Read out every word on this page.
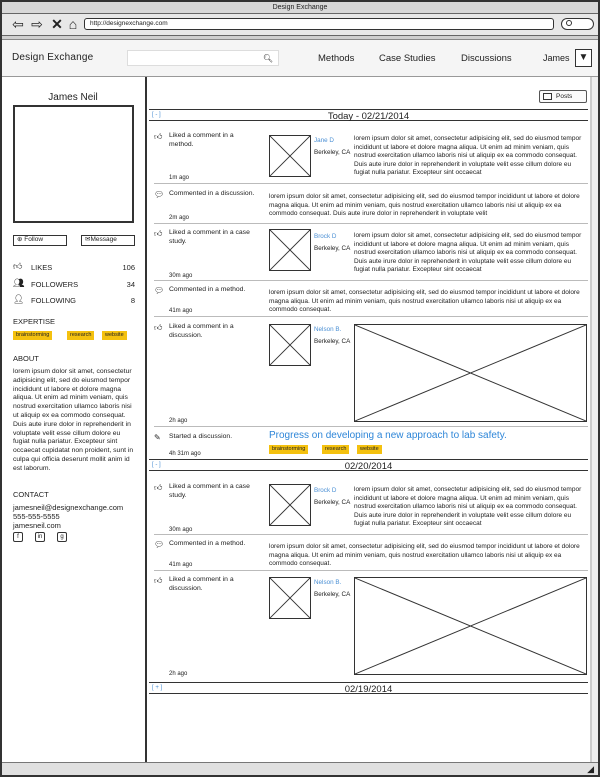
Design Exchange
⇦ ⇨ ✕ ⌂	http://designexchange.com
Design Exchange	🔍︎	Methods	Case Studies	Discussions	James ▼
James Neil
⊕ Follow	✉Message
👍︎	LIKES	106
👥︎ FOLLOWERS	34
👤︎ FOLLOWING	8
EXPERTISE
brainstorming	research	website
ABOUT
lorem ipsum dolor sit amet, consectetur adipisicing elit, sed do eiusmod tempor incididunt ut labore et dolore magna aliqua. Ut enim ad minim veniam, quis nostrud exercitation ullamco laboris nisi ut aliquip ex ea commodo consequat. Duis aute irure dolor in reprehenderit in voluptate velit esse cillum dolore eu fugiat nulla pariatur. Excepteur sint occaecat cupidatat non proident, sunt in culpa qui officia deserunt mollit anim id est laborum.
CONTACT
jamesneil@designexchange.com
555-555-5555
jamesneil.com
f	in	g
Posts
[ - ]	Today - 02/21/2014
👍︎ Liked a comment in a method.
1m ago
Jane D
Berkeley, CA
lorem ipsum dolor sit amet, consectetur adipisicing elit, sed do eiusmod tempor incididunt ut labore et dolore magna aliqua. Ut enim ad minim veniam, quis nostrud exercitation ullamco laboris nisi ut aliquip ex ea commodo consequat. Duis aute irure dolor in reprehenderit in voluptate velit esse cillum dolore eu fugiat nulla pariatur. Excepteur sint occaecat
💬︎ Commented in a discussion.
2m ago
lorem ipsum dolor sit amet, consectetur adipisicing elit, sed do eiusmod tempor incididunt ut labore et dolore magna aliqua. Ut enim ad minim veniam, quis nostrud exercitation ullamco laboris nisi ut aliquip ex ea commodo consequat. Duis aute irure dolor in reprehenderit in voluptate velit
👍︎ Liked a comment in a case study.
30m ago
Brock D
Berkeley, CA
lorem ipsum dolor sit amet, consectetur adipisicing elit, sed do eiusmod tempor incididunt ut labore et dolore magna aliqua. Ut enim ad minim veniam, quis nostrud exercitation ullamco laboris nisi ut aliquip ex ea commodo consequat. Duis aute irure dolor in reprehenderit in voluptate velit esse cillum dolore eu fugiat nulla pariatur. Excepteur sint occaecat
💬︎ Commented in a method.
41m ago
lorem ipsum dolor sit amet, consectetur adipisicing elit, sed do eiusmod tempor incididunt ut labore et dolore magna aliqua. Ut enim ad minim veniam, quis nostrud exercitation ullamco laboris nisi ut aliquip ex ea commodo consequat.
👍︎ Liked a comment in a discussion.
2h ago
Nelson B.
Berkeley, CA
✎	Started a discussion.
4h 31m ago
Progress on developing a new approach to lab safety.
brainstorming	research	website
[ - ]	02/20/2014
👍︎ Liked a comment in a case study.
30m ago
Brock D
Berkeley, CA
lorem ipsum dolor sit amet, consectetur adipisicing elit, sed do eiusmod tempor incididunt ut labore et dolore magna aliqua. Ut enim ad minim veniam, quis nostrud exercitation ullamco laboris nisi ut aliquip ex ea commodo consequat. Duis aute irure dolor in reprehenderit in voluptate velit esse cillum dolore eu fugiat nulla pariatur. Excepteur sint occaecat
💬︎ Commented in a method.
41m ago
lorem ipsum dolor sit amet, consectetur adipisicing elit, sed do eiusmod tempor incididunt ut labore et dolore magna aliqua. Ut enim ad minim veniam, quis nostrud exercitation ullamco laboris nisi ut aliquip ex ea commodo consequat.
👍︎ Liked a comment in a discussion.
2h ago
Nelson B.
Berkeley, CA
[ + ]	02/19/2014
◢
